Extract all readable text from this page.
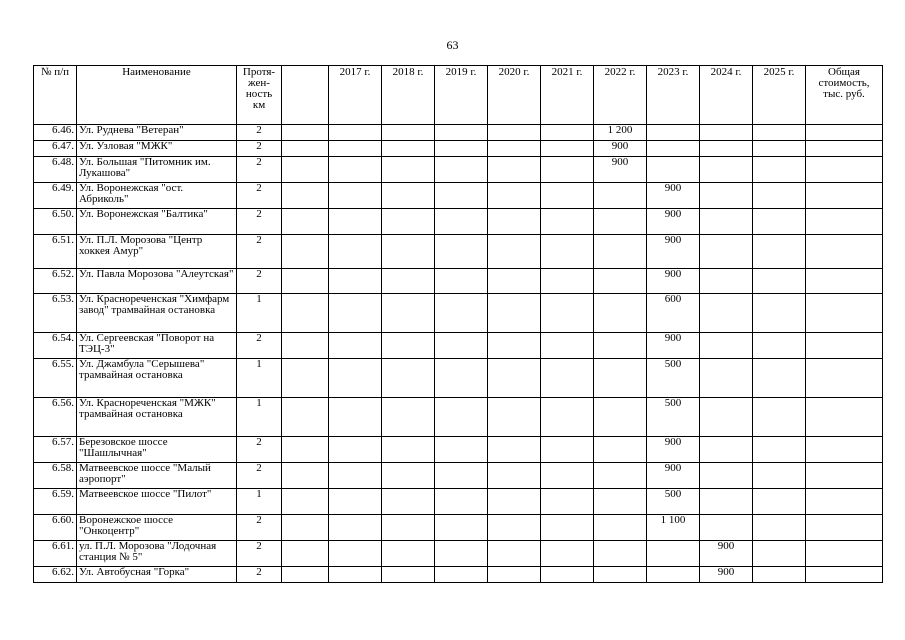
63
№ п/п	Наименование	Протя-
жен-
ность
км		2017 г.	2018 г.	2019 г.	2020 г.	2021 г.	2022 г.	2023 г.	2024 г.	2025 г.	Общая стоимость, тыс. руб.
6.46.	Ул. Руднева "Ветеран"	2							1 200				
6.47.	Ул. Узловая "МЖК"	2							900				
6.48.	Ул. Большая "Питомник им. Лукашова"	2							900				
6.49.	Ул. Воронежская "ост. Абриколь"	2								900			
6.50.	Ул. Воронежская "Балтика"	2								900			
6.51.	Ул. П.Л. Морозова "Центр хоккея Амур"	2								900			
6.52.	Ул. Павла Морозова "Алеутская"	2								900			
6.53.	Ул. Краснореченская "Химфарм завод" трамвайная остановка	1								600			
6.54.	Ул. Сергеевская "Поворот на ТЭЦ-3"	2								900			
6.55.	Ул. Джамбула "Серышева" трамвайная остановка	1								500			
6.56.	Ул. Краснореченская "МЖК" трамвайная остановка	1								500			
6.57.	Березовское шоссе "Шашлычная"	2								900			
6.58.	Матвеевское шоссе "Малый аэропорт"	2								900			
6.59.	Матвеевское шоссе "Пилот"	1								500			
6.60.	Воронежское шоссе "Онкоцентр"	2								1 100			
6.61.	ул. П.Л. Морозова "Лодочная станция № 5"	2									900		
6.62.	Ул. Автобусная "Горка"	2									900		
